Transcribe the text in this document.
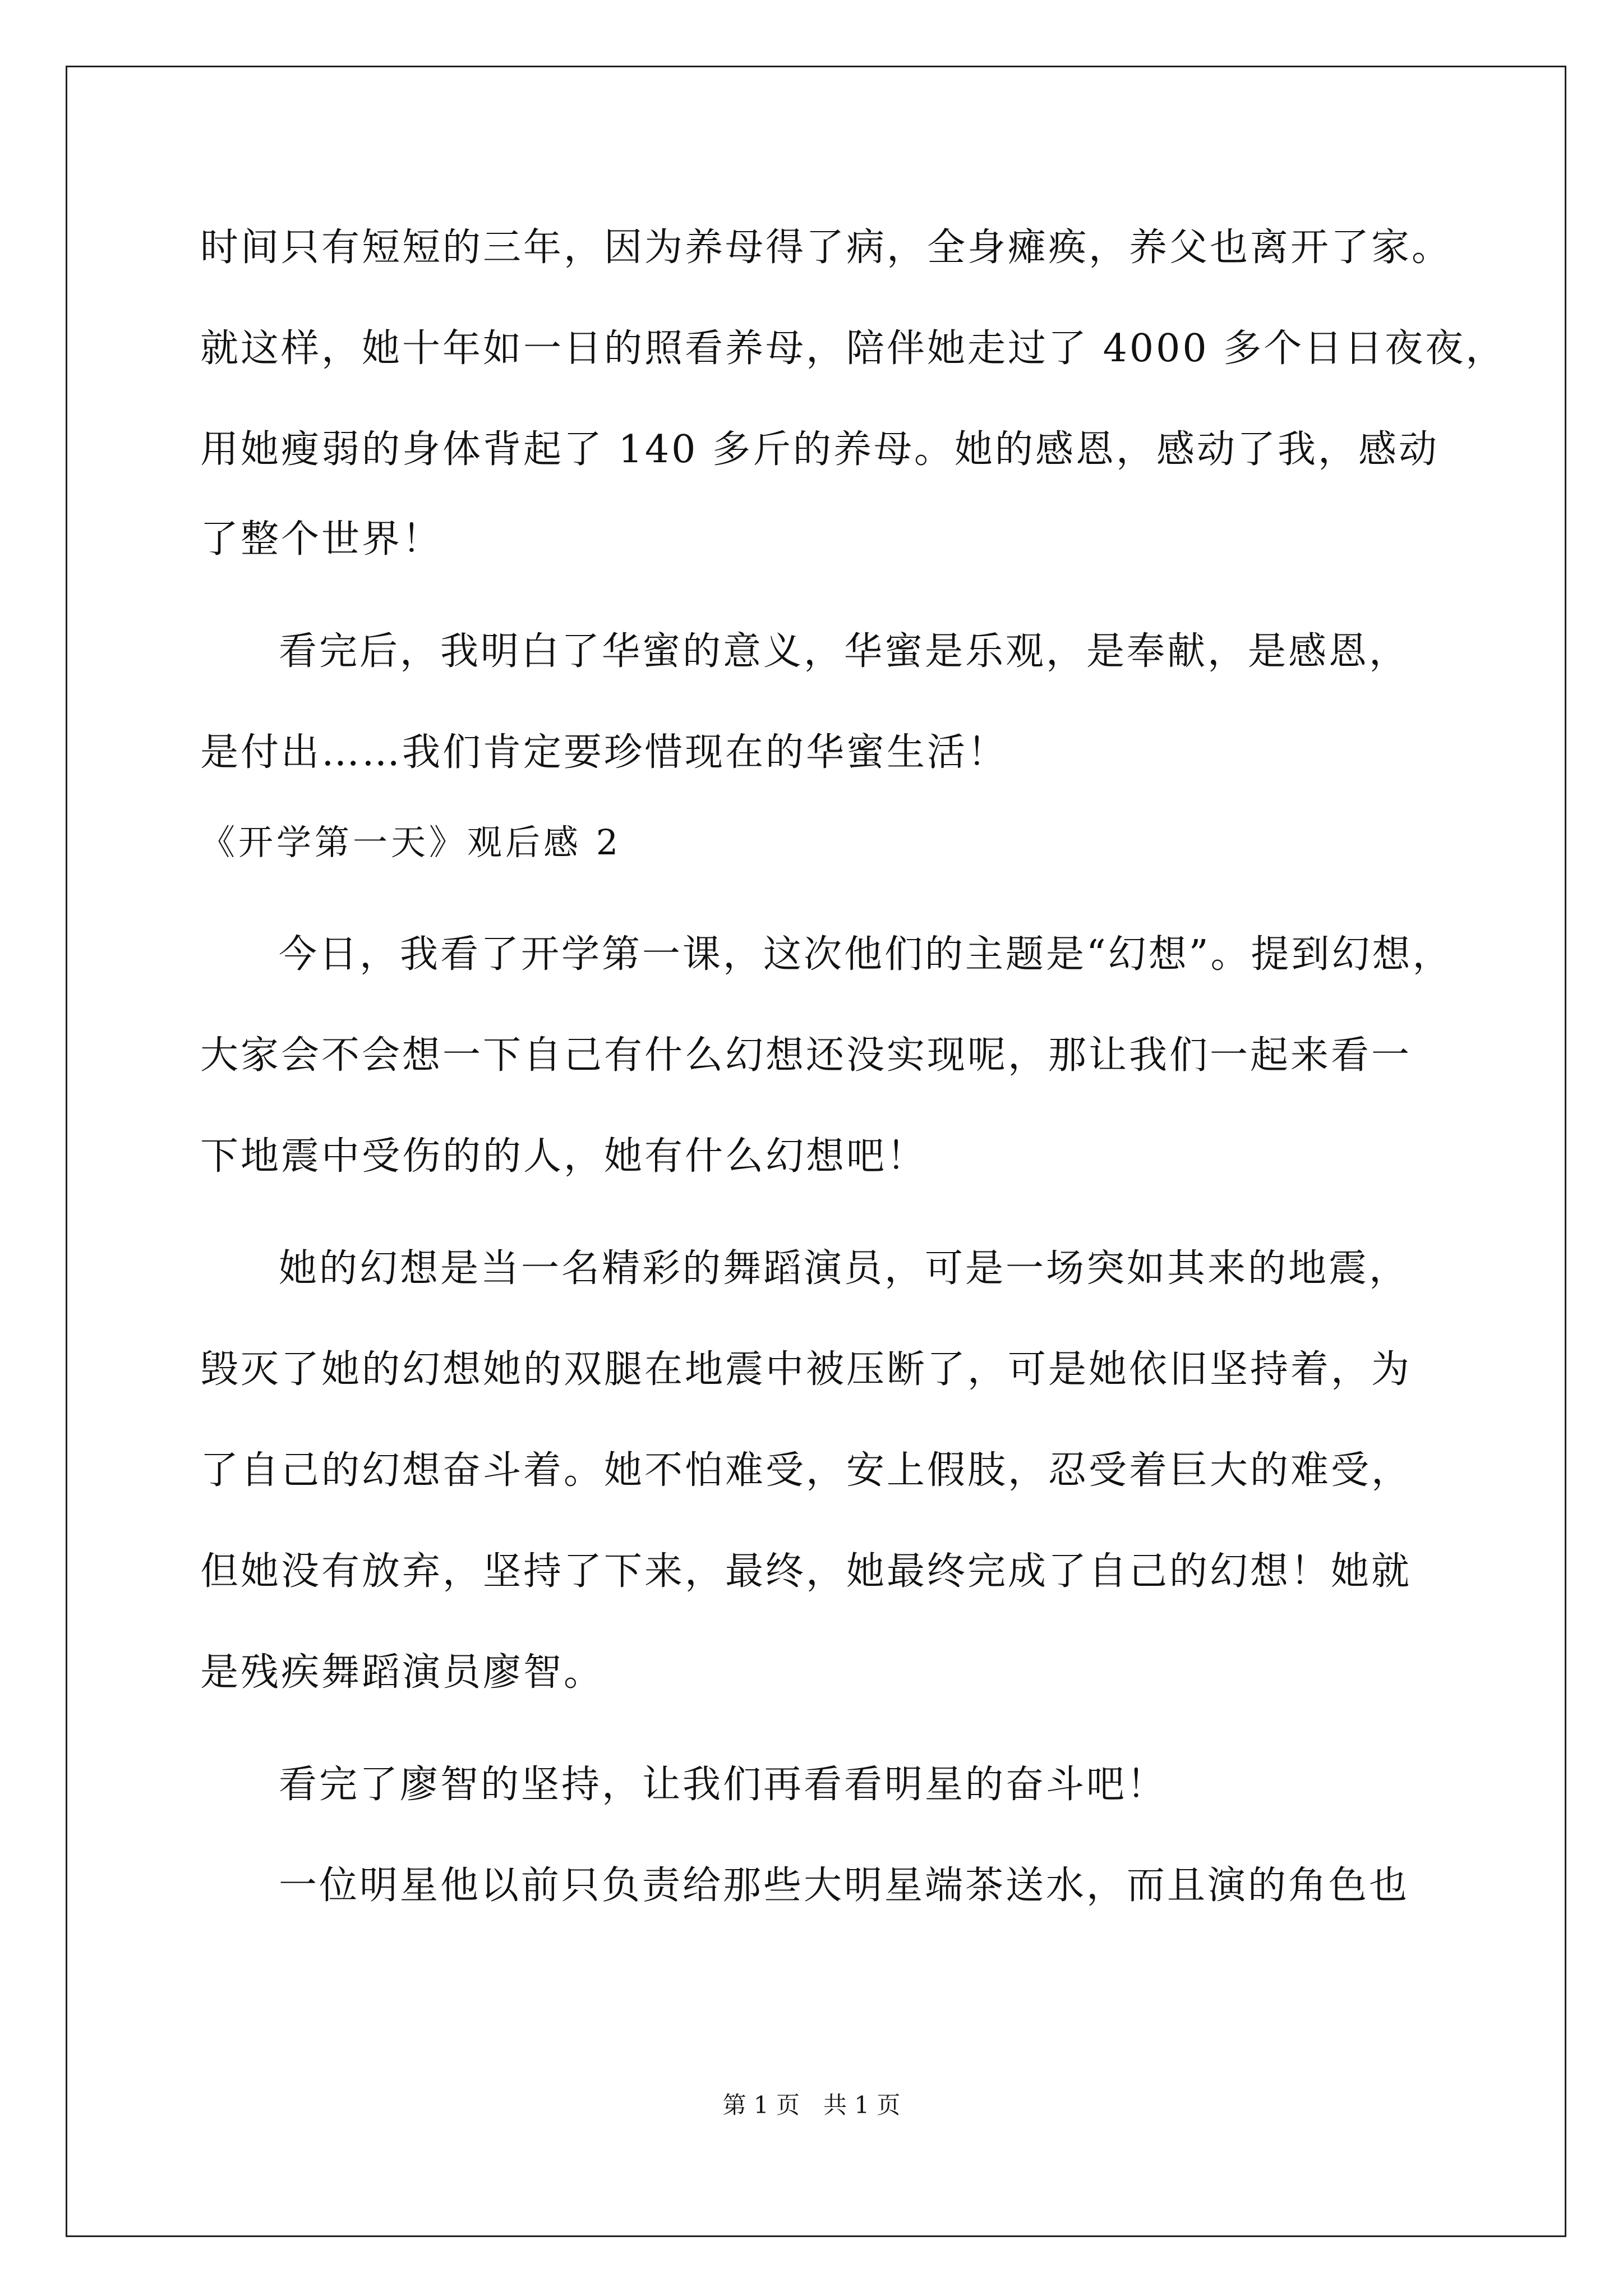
时间只有短短的三年，因为养母得了病，全身瘫痪，养父也离开了家。
就这样，她十年如一日的照看养母，陪伴她走过了 4000 多个日日夜夜，
用她瘦弱的身体背起了 140 多斤的养母。她的感恩，感动了我，感动
了整个世界！
看完后，我明白了华蜜的意义，华蜜是乐观，是奉献，是感恩，
是付出……我们肯定要珍惜现在的华蜜生活！
《开学第一天》观后感 2
今日，我看了开学第一课，这次他们的主题是“幻想”。提到幻想，
大家会不会想一下自己有什么幻想还没实现呢，那让我们一起来看一
下地震中受伤的的人，她有什么幻想吧！
她的幻想是当一名精彩的舞蹈演员，可是一场突如其来的地震，
毁灭了她的幻想她的双腿在地震中被压断了，可是她依旧坚持着，为
了自己的幻想奋斗着。她不怕难受，安上假肢，忍受着巨大的难受，
但她没有放弃，坚持了下来，最终，她最终完成了自己的幻想！她就
是残疾舞蹈演员廖智。
看完了廖智的坚持，让我们再看看明星的奋斗吧！
一位明星他以前只负责给那些大明星端茶送水，而且演的角色也
第 1 页　共 1 页
